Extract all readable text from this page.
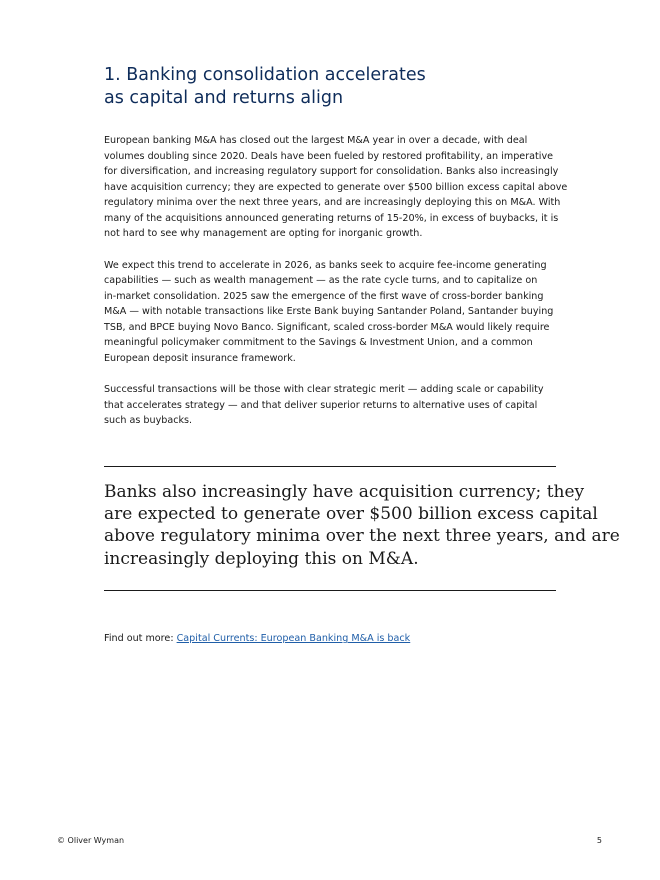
1. Banking consolidation accelerates
as capital and returns align

European banking M&A has closed out the largest M&A year in over a decade, with deal
volumes doubling since 2020. Deals have been fueled by restored profitability, an imperative
for diversification, and increasing regulatory support for consolidation. Banks also increasingly
have acquisition currency; they are expected to generate over $500 billion excess capital above
regulatory minima over the next three years, and are increasingly deploying this on M&A. With
many of the acquisitions announced generating returns of 15-20%, in excess of buybacks, it is
not hard to see why management are opting for inorganic growth.

We expect this trend to accelerate in 2026, as banks seek to acquire fee-income generating
capabilities — such as wealth management — as the rate cycle turns, and to capitalize on
in-market consolidation. 2025 saw the emergence of the first wave of cross-border banking
M&A — with notable transactions like Erste Bank buying Santander Poland, Santander buying
TSB, and BPCE buying Novo Banco. Significant, scaled cross-border M&A would likely require
meaningful policymaker commitment to the Savings & Investment Union, and a common
European deposit insurance framework.

Successful transactions will be those with clear strategic merit — adding scale or capability
that accelerates strategy — and that deliver superior returns to alternative uses of capital
such as buybacks.

Banks also increasingly have acquisition currency; they
are expected to generate over $500 billion excess capital
above regulatory minima over the next three years, and are
increasingly deploying this on M&A.
Find out more: Capital Currents: European Banking M&A is back
© Oliver Wyman	5
